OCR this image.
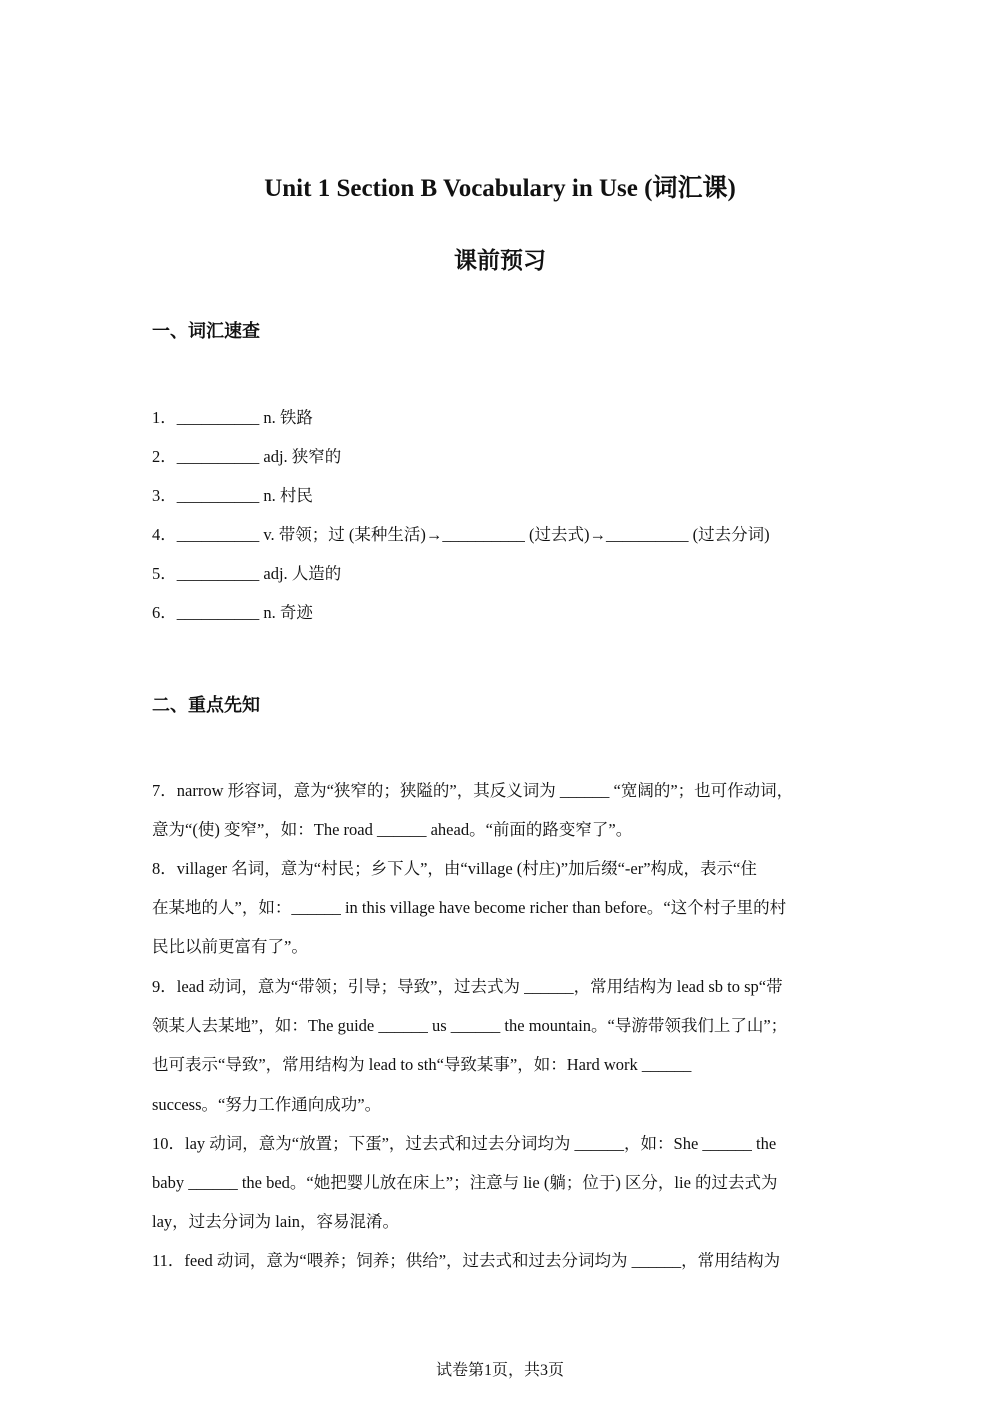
Unit 1 Section B Vocabulary in Use (词汇课)
课前预习
一、词汇速查
1．__________ n. 铁路
2．__________ adj. 狭窄的
3．__________ n. 村民
4．__________ v. 带领；过 (某种生活)→__________ (过去式)→__________ (过去分词)
5．__________ adj. 人造的
6．__________ n. 奇迹
二、重点先知
7．narrow 形容词，意为“狭窄的；狭隘的”，其反义词为 ______ “宽阔的”；也可作动词，
意为“(使) 变窄”，如：The road ______ ahead。“前面的路变窄了”。
8．villager 名词，意为“村民；乡下人”，由“village (村庄)”加后缀“-er”构成，表示“住
在某地的人”，如：______ in this village have become richer than before。“这个村子里的村
民比以前更富有了”。
9．lead 动词，意为“带领；引导；导致”，过去式为 ______，常用结构为 lead sb to sp“带
领某人去某地”，如：The guide ______ us ______ the mountain。“导游带领我们上了山”；
也可表示“导致”，常用结构为 lead to sth“导致某事”，如：Hard work ______
success。“努力工作通向成功”。
10．lay 动词，意为“放置；下蛋”，过去式和过去分词均为 ______，如：She ______ the
baby ______ the bed。“她把婴儿放在床上”；注意与 lie (躺；位于) 区分，lie 的过去式为
lay，过去分词为 lain，容易混淆。
11．feed 动词，意为“喂养；饲养；供给”，过去式和过去分词均为 ______，常用结构为
试卷第1页，共3页
